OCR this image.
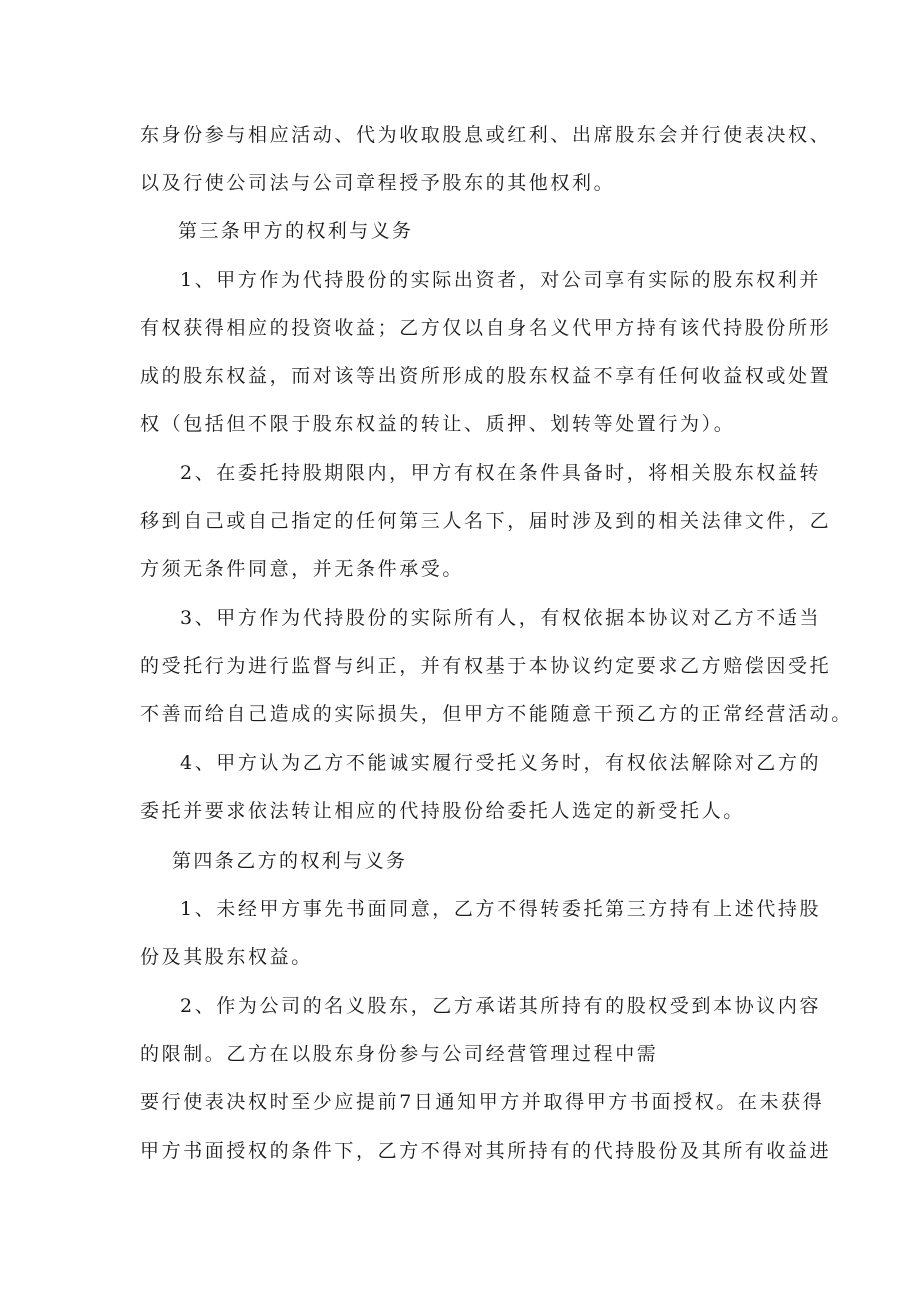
东身份参与相应活动、代为收取股息或红利、出席股东会并行使表决权、
以及行使公司法与公司章程授予股东的其他权利。
第三条甲方的权利与义务
1、甲方作为代持股份的实际出资者，对公司享有实际的股东权利并
有权获得相应的投资收益；乙方仅以自身名义代甲方持有该代持股份所形
成的股东权益，而对该等出资所形成的股东权益不享有任何收益权或处置
权（包括但不限于股东权益的转让、质押、划转等处置行为）。
2、在委托持股期限内，甲方有权在条件具备时，将相关股东权益转
移到自己或自己指定的任何第三人名下，届时涉及到的相关法律文件，乙
方须无条件同意，并无条件承受。
3、甲方作为代持股份的实际所有人，有权依据本协议对乙方不适当
的受托行为进行监督与纠正，并有权基于本协议约定要求乙方赔偿因受托
不善而给自己造成的实际损失，但甲方不能随意干预乙方的正常经营活动。
4、甲方认为乙方不能诚实履行受托义务时，有权依法解除对乙方的
委托并要求依法转让相应的代持股份给委托人选定的新受托人。
第四条乙方的权利与义务
1、未经甲方事先书面同意，乙方不得转委托第三方持有上述代持股
份及其股东权益。
2、作为公司的名义股东，乙方承诺其所持有的股权受到本协议内容
的限制。乙方在以股东身份参与公司经营管理过程中需
要行使表决权时至少应提前7日通知甲方并取得甲方书面授权。在未获得
甲方书面授权的条件下，乙方不得对其所持有的代持股份及其所有收益进
